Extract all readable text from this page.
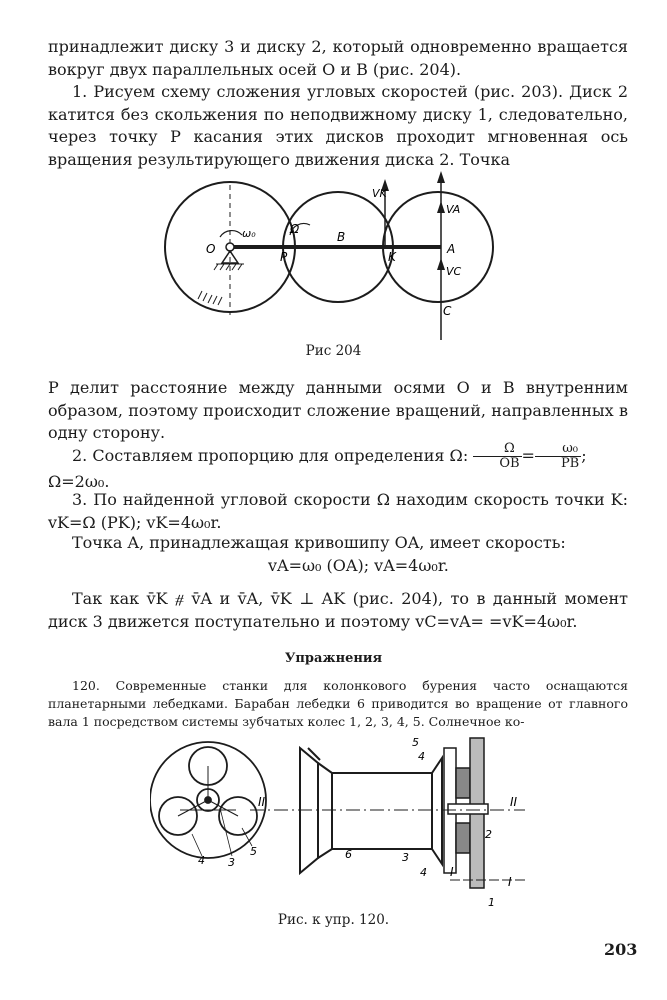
принадлежит диску 3 и диску 2, который одновременно вращается вокруг двух параллельных осей O и B (рис. 204).

1. Рисуем схему сложения угловых скоростей (рис. 203). Диск 2 катится без скольжения по неподвижному диску 1, следовательно, через точку P касания этих дисков проходит мгновенная ось вращения результирующего движения диска 2. Точка

O
ω₀	Ω
P
B
K
A
C
VK
VA
VC

Рис 204

P делит расстояние между данными осями O и B внутренним образом, поэтому происходит сложение вращений, направленных в одну сторону.

2. Составляем пропорцию для определения Ω: $\frac{\Omega}{OB} = \frac{\text{ω₀}}{PB}$ ;
Ω=2ω₀.

3. По найденной угловой скорости Ω находим скорость точки K: vK=Ω (PK); vK=4ω₀r.

Точка A, принадлежащая кривошипу OA, имеет скорость:

vA=ω₀ (OA); vA=4ω₀r.

Так как v̄K ⧣ v̄A и v̄A, v̄K ⊥ AK (рис. 204), то в данный момент диск 3 движется поступательно и поэтому vC=vA= =vK=4ω₀r.

Упражнения

120. Современные станки для колонкового бурения часто оснащаются планетарными лебедками. Барабан лебедки 6 приводится во вращение от главного вала 1 посредством системы зубчатых колес 1, 2, 3, 4, 5. Солнечное ко-

4 3
5
II	II
I
I
5
4
2
3
4
6
1

Рис. к упр. 120.

203
